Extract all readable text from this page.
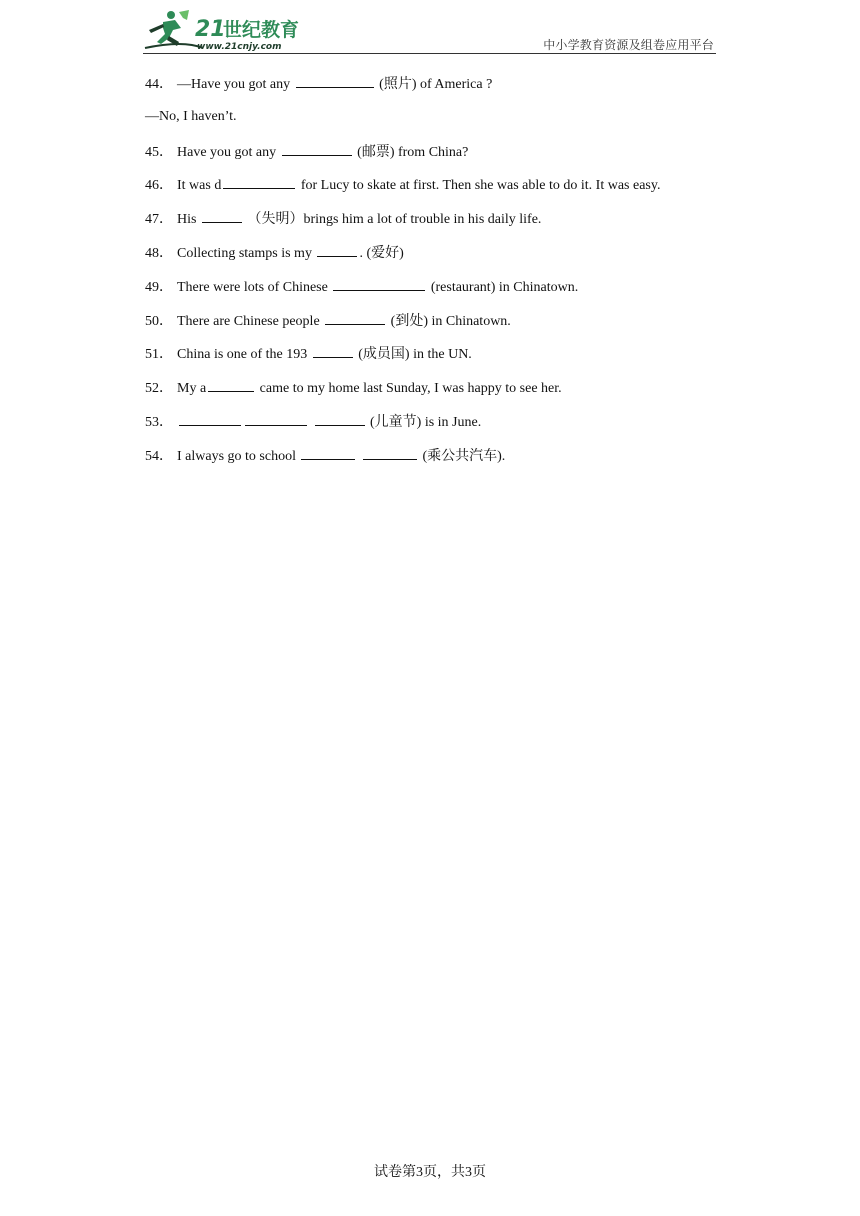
21
世纪教育
www.21cnjy.com	中小学教育资源及组卷应用平台
44． —Have you got any	(照片) of America ?
—No, I haven’t.
45． Have you got any	(邮票) from China?
46． It was d	for Lucy to skate at first. Then she was able to do it. It was easy.
47． His	（失明）brings him a lot of trouble in his daily life.
48． Collecting stamps is my	. (爱好)
49． There were lots of Chinese	(restaurant) in Chinatown.
50． There are Chinese people	(到处) in Chinatown.
51． China is one of the 193	(成员国) in the UN.
52． My a	came to my home last Sunday, I was happy to see her.
53．	(儿童节) is in June.
54． I always go to school	(乘公共汽车).
试卷第3页，共3页
